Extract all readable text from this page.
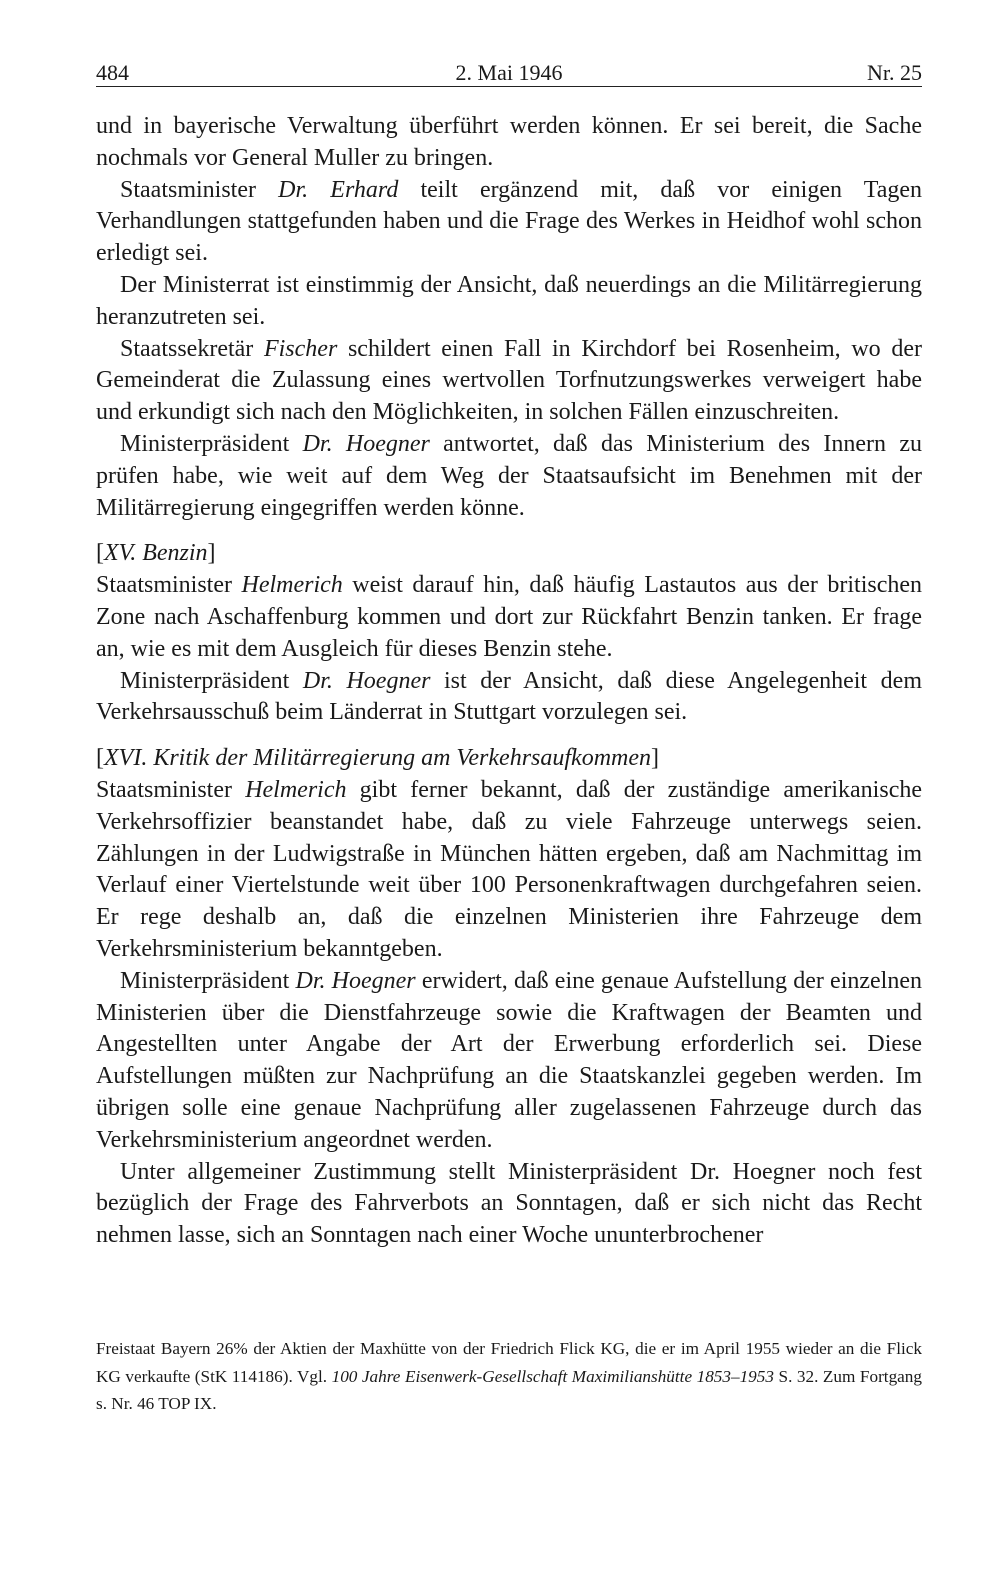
484	2. Mai 1946	Nr. 25

und in bayerische Verwaltung überführt werden können. Er sei bereit, die Sache nochmals vor General Muller zu bringen.

Staatsminister Dr. Erhard teilt ergänzend mit, daß vor einigen Tagen Verhandlungen stattgefunden haben und die Frage des Werkes in Heidhof wohl schon erledigt sei.

Der Ministerrat ist einstimmig der Ansicht, daß neuerdings an die Militärregierung heranzutreten sei.

Staatssekretär Fischer schildert einen Fall in Kirchdorf bei Rosenheim, wo der Gemeinderat die Zulassung eines wertvollen Torfnutzungswerkes verweigert habe und erkundigt sich nach den Möglichkeiten, in solchen Fällen einzuschreiten.

Ministerpräsident Dr. Hoegner antwortet, daß das Ministerium des Innern zu prüfen habe, wie weit auf dem Weg der Staatsaufsicht im Benehmen mit der Militärregierung eingegriffen werden könne.

[XV. Benzin]

Staatsminister Helmerich weist darauf hin, daß häufig Lastautos aus der britischen Zone nach Aschaffenburg kommen und dort zur Rückfahrt Benzin tanken. Er frage an, wie es mit dem Ausgleich für dieses Benzin stehe.

Ministerpräsident Dr. Hoegner ist der Ansicht, daß diese Angelegenheit dem Verkehrsausschuß beim Länderrat in Stuttgart vorzulegen sei.

[XVI. Kritik der Militärregierung am Verkehrsaufkommen]

Staatsminister Helmerich gibt ferner bekannt, daß der zuständige amerikanische Verkehrsoffizier beanstandet habe, daß zu viele Fahrzeuge unterwegs seien. Zählungen in der Ludwigstraße in München hätten ergeben, daß am Nachmittag im Verlauf einer Viertelstunde weit über 100 Personenkraftwagen durchgefahren seien. Er rege deshalb an, daß die einzelnen Ministerien ihre Fahrzeuge dem Verkehrsministerium bekanntgeben.

Ministerpräsident Dr. Hoegner erwidert, daß eine genaue Aufstellung der einzelnen Ministerien über die Dienstfahrzeuge sowie die Kraftwagen der Beamten und Angestellten unter Angabe der Art der Erwerbung erforderlich sei. Diese Aufstellungen müßten zur Nachprüfung an die Staatskanzlei gegeben werden. Im übrigen solle eine genaue Nachprüfung aller zugelassenen Fahrzeuge durch das Verkehrsministerium angeordnet werden.

Unter allgemeiner Zustimmung stellt Ministerpräsident Dr. Hoegner noch fest bezüglich der Frage des Fahrverbots an Sonntagen, daß er sich nicht das Recht nehmen lasse, sich an Sonntagen nach einer Woche ununterbrochener

Freistaat Bayern 26% der Aktien der Maxhütte von der Friedrich Flick KG, die er im April 1955 wieder an die Flick KG verkaufte (StK 114186). Vgl. 100 Jahre Eisenwerk-Gesellschaft Maximilianshütte 1853–1953 S. 32. Zum Fortgang s. Nr. 46 TOP IX.
